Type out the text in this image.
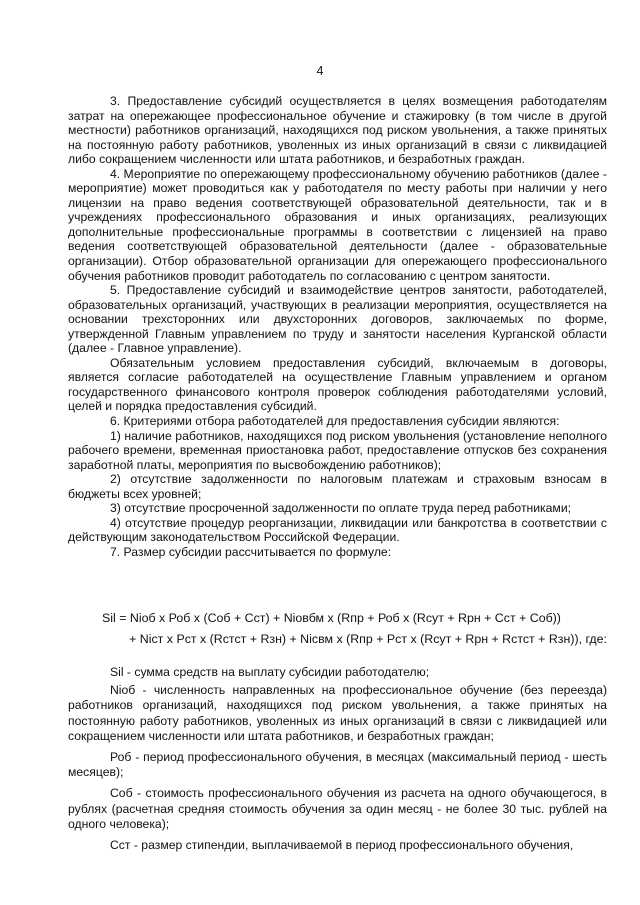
4

3. Предоставление субсидий осуществляется в целях возмещения работодателям затрат на опережающее профессиональное обучение и стажировку (в том числе в другой местности) работников организаций, находящихся под риском увольнения, а также принятых на постоянную работу работников, уволенных из иных организаций в связи с ликвидацией либо сокращением численности или штата работников, и безработных граждан.

4. Мероприятие по опережающему профессиональному обучению работников (далее - мероприятие) может проводиться как у работодателя по месту работы при наличии у него лицензии на право ведения соответствующей образовательной деятельности, так и в учреждениях профессионального образования и иных организациях, реализующих дополнительные профессиональные программы в соответствии с лицензией на право ведения соответствующей образовательной деятельности (далее - образовательные организации). Отбор образовательной организации для опережающего профессионального обучения работников проводит работодатель по согласованию с центром занятости.

5. Предоставление субсидий и взаимодействие центров занятости, работодателей, образовательных организаций, участвующих в реализации мероприятия, осуществляется на основании трехсторонних или двухсторонних договоров, заключаемых по форме, утвержденной Главным управлением по труду и занятости населения Курганской области (далее - Главное управление).

Обязательным условием предоставления субсидий, включаемым в договоры, является согласие работодателей на осуществление Главным управлением и органом государственного финансового контроля проверок соблюдения работодателями условий, целей и порядка предоставления субсидий.

6. Критериями отбора работодателей для предоставления субсидии являются:

1) наличие работников, находящихся под риском увольнения (установление неполного рабочего времени, временная приостановка работ, предоставление отпусков без сохранения заработной платы, мероприятия по высвобождению работников);

2) отсутствие задолженности по налоговым платежам и страховым взносам в бюджеты всех уровней;

3) отсутствие просроченной задолженности по оплате труда перед работниками;

4) отсутствие процедур реорганизации, ликвидации или банкротства в соответствии с действующим законодательством Российской Федерации.

7. Размер субсидии рассчитывается по формуле:

Sil = Nioб x Роб x (Соб + Сст) + Niовбм x (Rпр + Роб x (Rсут + Rрн + Сст + Соб))
+ Niст x Рст x (Rстст + Rзн) + Niсвм x (Rпр + Рст x (Rсут + Rрн + Rстст + Rзн)), где:

Sil - сумма средств на выплату субсидии работодателю;

Niоб - численность направленных на профессиональное обучение (без переезда) работников организаций, находящихся под риском увольнения, а также принятых на постоянную работу работников, уволенных из иных организаций в связи с ликвидацией или сокращением численности или штата работников, и безработных граждан;

Роб - период профессионального обучения, в месяцах (максимальный период - шесть месяцев);

Соб - стоимость профессионального обучения из расчета на одного обучающегося, в рублях (расчетная средняя стоимость обучения за один месяц - не более 30 тыс. рублей на одного человека);

Сст - размер стипендии, выплачиваемой в период профессионального обучения,
